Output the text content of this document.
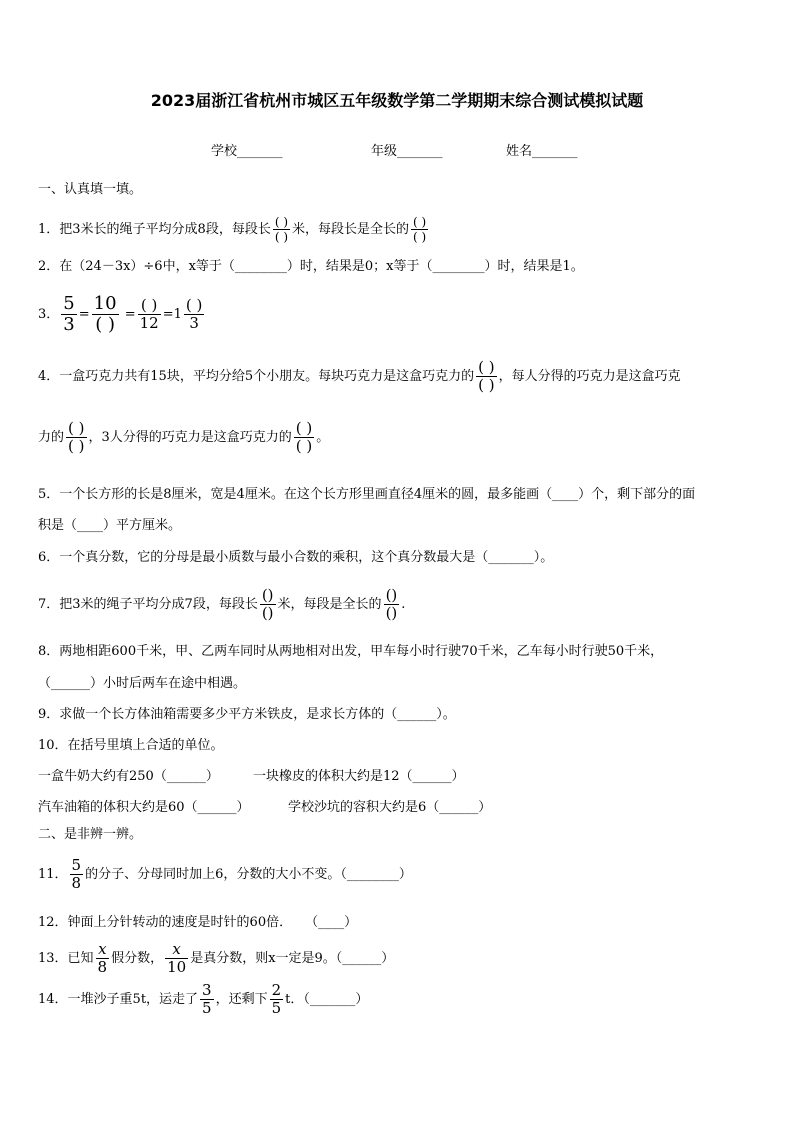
2023届浙江省杭州市城区五年级数学第二学期期末综合测试模拟试题
学校_______	年级_______	姓名_______
一、认真填一填。
1．把3米长的绳子平均分成8段，每段长 $\frac{( )}{( )}$ 米，每段长是全长的 $\frac{( )}{( )}$
2．在（24－3x）÷6中，x等于（________）时，结果是0；x等于（________）时，结果是1。
3． $\frac{5}{3} = \frac{10}{( )} = \frac{( )}{12} =1 \frac{( )}{3}$
4．一盒巧克力共有15块，平均分给5个小朋友。每块巧克力是这盒巧克力的 $\frac{( )}{( )}$ ，每人分得的巧克力是这盒巧克
力的 $\frac{( )}{( )}$ ，3人分得的巧克力是这盒巧克力的 $\frac{( )}{( )}$ 。
5．一个长方形的长是8厘米，宽是4厘米。在这个长方形里画直径4厘米的圆，最多能画（____）个，剩下部分的面
积是（____）平方厘米。
6．一个真分数，它的分母是最小质数与最小合数的乘积，这个真分数最大是（_______）。
7．把3米的绳子平均分成7段，每段长 $\frac{()}{()}$ 米，每段是全长的 $\frac{()}{()}$ .
8．两地相距600千米，甲、乙两车同时从两地相对出发，甲车每小时行驶70千米，乙车每小时行驶50千米，
（______）小时后两车在途中相遇。
9．求做一个长方体油箱需要多少平方米铁皮，是求长方体的（______）。
10．在括号里填上合适的单位。
一盒牛奶大约有250（______）	一块橡皮的体积大约是12（______）
汽车油箱的体积大约是60（______）	学校沙坑的容积大约是6（______）
二、是非辨一辨。
11． $\frac{5}{8}$ 的分子、分母同时加上6，分数的大小不变。（________）
12．钟面上分针转动的速度是时针的60倍．　　（____）
13．已知 $\frac{x}{8}$ 假分数， $\frac{x}{10}$ 是真分数，则x一定是9。（______）
14．一堆沙子重5t，运走了 $\frac{3}{5}$ ，还剩下 $\frac{2}{5}$ t．（_______）
